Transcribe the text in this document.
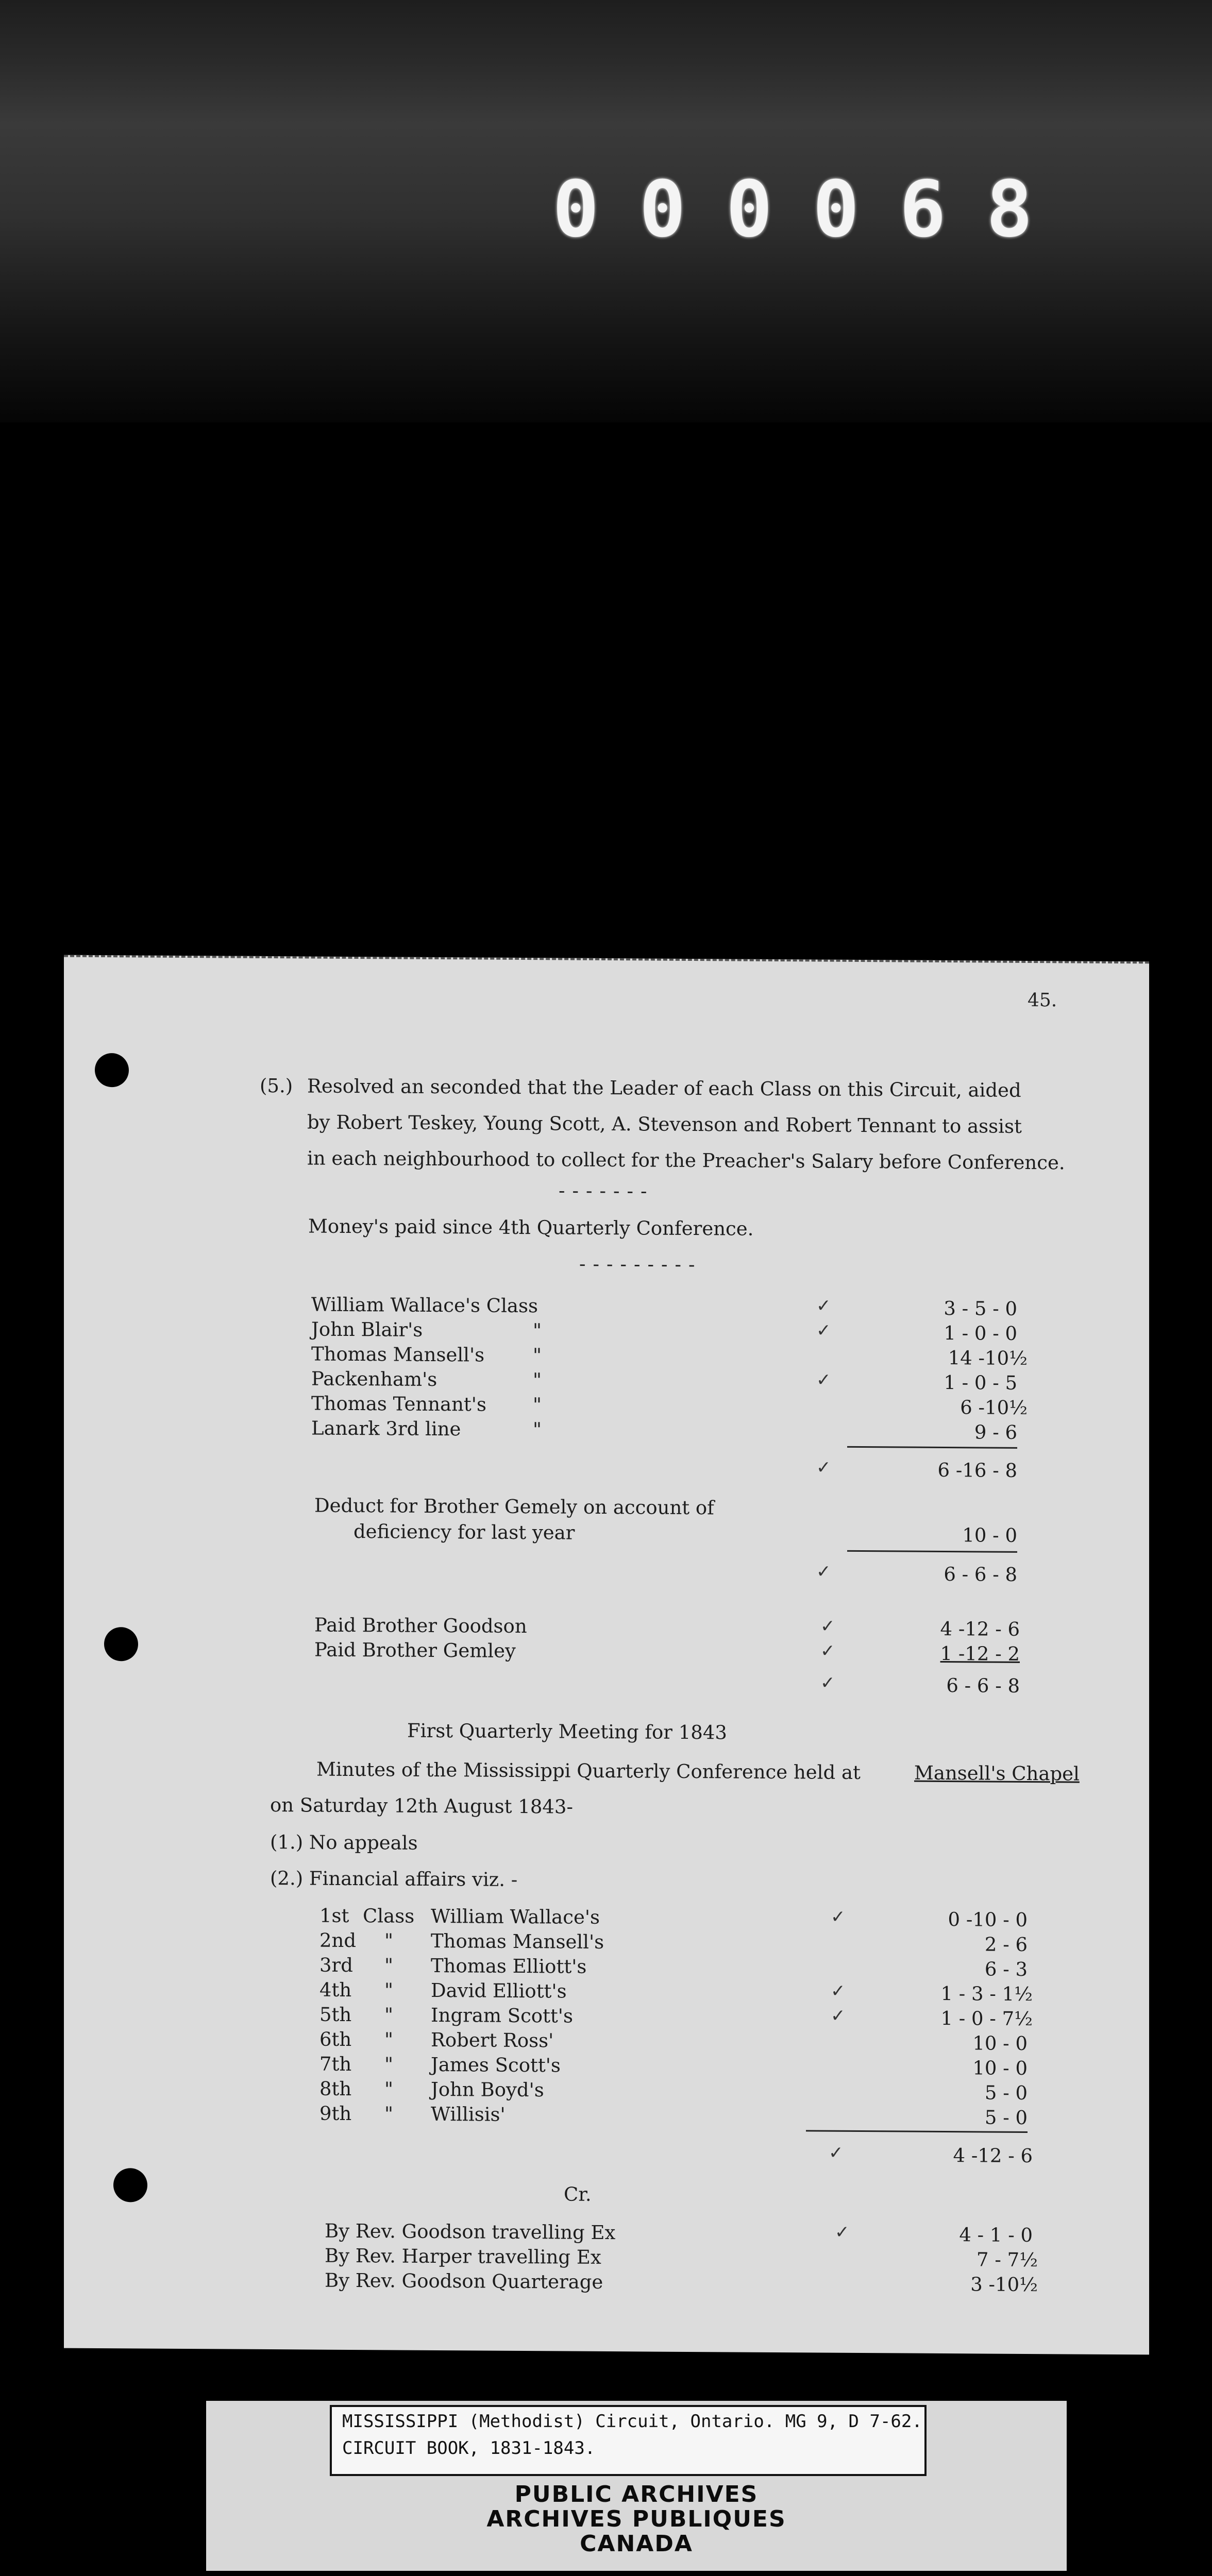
000068
45.
(5.) Resolved an seconded that the Leader of each Class on this Circuit, aided
by Robert Teskey, Young Scott, A. Stevenson and Robert Tennant to assist
in each neighbourhood to collect for the Preacher's Salary before Conference.
-------
Money's paid since 4th Quarterly Conference.
---------
William Wallace's Class	✓	3 - 5 - 0
John Blair's	"	✓	1 - 0 - 0
Thomas Mansell's	"	14 -10½
Packenham's	"	✓	1 - 0 - 5
Thomas Tennant's "	6 -10½
Lanark 3rd line	"	9 - 6
✓	6 -16 - 8
Deduct for Brother Gemely on account of
deficiency for last year	10 - 0
✓	6 - 6 - 8
Paid Brother Goodson	✓	4 -12 - 6
Paid Brother Gemley	✓	1 -12 - 2
✓	6 - 6 - 8
First Quarterly Meeting for 1843
Minutes of the Mississippi Quarterly Conference held at	Mansell's Chapel
on Saturday 12th August 1843-
(1.) No appeals
(2.) Financial affairs viz. -
1st Class William Wallace's	✓	0 -10 - 0
2nd " Thomas Mansell's	2 - 6
3rd " Thomas Elliott's	6 - 3
4th " David Elliott's	✓	1 - 3 - 1½
5th " Ingram Scott's	✓	1 - 0 - 7½
6th " Robert Ross'	10 - 0
7th " James Scott's	10 - 0
8th " John Boyd's	5 - 0
9th " Willisis'	5 - 0
✓	4 -12 - 6
Cr.
By Rev. Goodson travelling Ex	✓	4 - 1 - 0
By Rev. Harper travelling Ex	7 - 7½
By Rev. Goodson Quarterage	3 -10½
MISSISSIPPI (Methodist) Circuit, Ontario. MG 9, D 7-62.
CIRCUIT BOOK, 1831-1843.
PUBLIC ARCHIVES
ARCHIVES PUBLIQUES
CANADA
